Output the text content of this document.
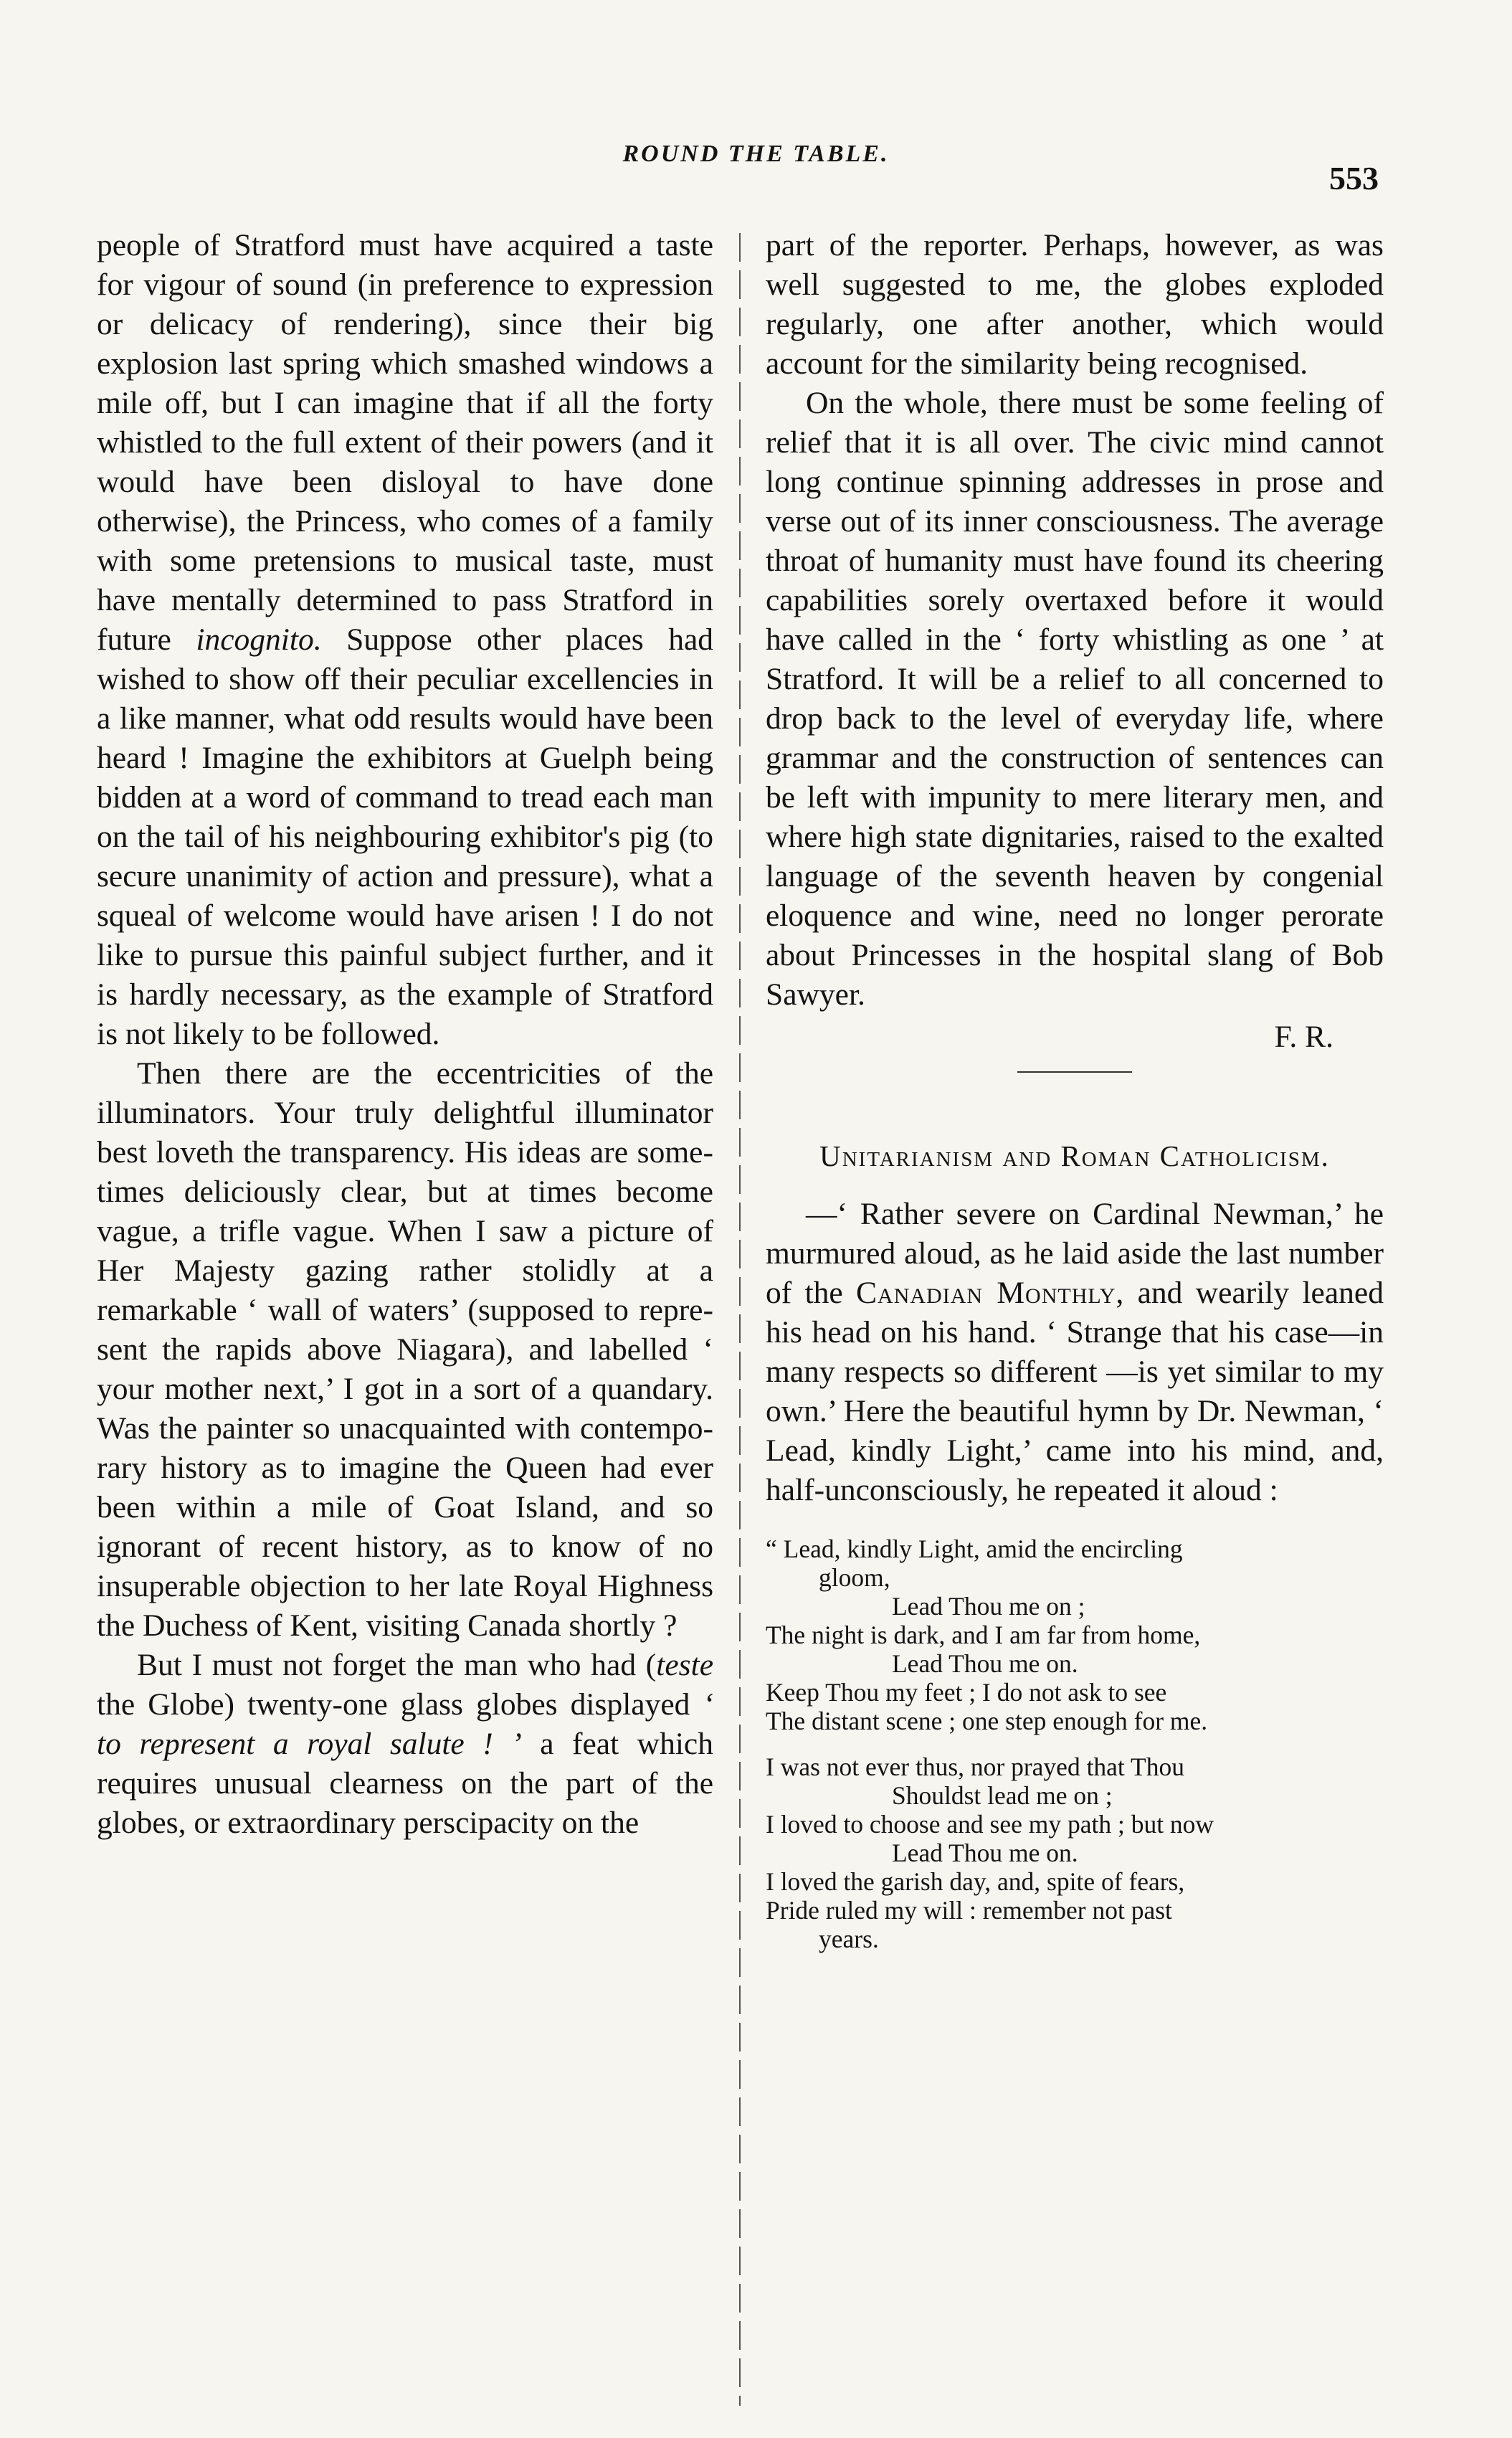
ROUND THE TABLE.
553

people of Stratford must have acquired a taste for vigour of sound (in preference to expression or delicacy of rendering), since their big explosion last spring which smashed windows a mile off, but I can imagine that if all the forty whistled to the full extent of their powers (and it would have been disloyal to have done otherwise), the Princess, who comes of a family with some pretensions to musical taste, must have mentally determined to pass Stratford in future incognito. Suppose other places had wished to show off their peculiar excellencies in a like manner, what odd results would have been heard ! Imagine the exhibitors at Guelph being bidden at a word of command to tread each man on the tail of his neighbouring exhibitor's pig (to secure unanimity of action and pressure), what a squeal of welcome would have arisen ! I do not like to pursue this painful subject further, and it is hardly necessary, as the example of Stratford is not likely to be followed.

Then there are the eccentricities of the illuminators. Your truly delightful illuminator best loveth the transparency. His ideas are sometimes deliciously clear, but at times become vague, a trifle vague. When I saw a picture of Her Majesty gazing rather stolidly at a remarkable ‘ wall of waters’ (supposed to represent the rapids above Niagara), and labelled ‘ your mother next,’ I got in a sort of a quandary. Was the painter so unacquainted with contemporary history as to imagine the Queen had ever been within a mile of Goat Island, and so ignorant of recent history, as to know of no insuperable objection to her late Royal Highness the Duchess of Kent, visiting Canada shortly ?

But I must not forget the man who had (teste the Globe) twenty-one glass globes displayed ‘ to represent a royal salute ! ’ a feat which requires unusual clearness on the part of the globes, or extraordinary perscipacity on the

part of the reporter. Perhaps, however, as was well suggested to me, the globes exploded regularly, one after another, which would account for the similarity being recognised.

On the whole, there must be some feeling of relief that it is all over. The civic mind cannot long continue spinning addresses in prose and verse out of its inner consciousness. The average throat of humanity must have found its cheering capabilities sorely overtaxed before it would have called in the ‘ forty whistling as one ’ at Stratford. It will be a relief to all concerned to drop back to the level of everyday life, where grammar and the construction of sentences can be left with impunity to mere literary men, and where high state dignitaries, raised to the exalted language of the seventh heaven by congenial eloquence and wine, need no longer perorate about Princesses in the hospital slang of Bob Sawyer.

F. R.
Unitarianism and Roman Catholicism.

—‘ Rather severe on Cardinal Newman,’ he murmured aloud, as he laid aside the last number of the Canadian Monthly, and wearily leaned his head on his hand. ‘ Strange that his case—in many respects so different —is yet similar to my own.’ Here the beautiful hymn by Dr. Newman, ‘ Lead, kindly Light,’ came into his mind, and, half-unconsciously, he repeated it aloud :

“ Lead, kindly Light, amid the encircling
gloom,
Lead Thou me on ;
The night is dark, and I am far from home,
Lead Thou me on.
Keep Thou my feet ; I do not ask to see
The distant scene ; one step enough for me.
I was not ever thus, nor prayed that Thou
Shouldst lead me on ;
I loved to choose and see my path ; but now
Lead Thou me on.
I loved the garish day, and, spite of fears,
Pride ruled my will : remember not past
years.
